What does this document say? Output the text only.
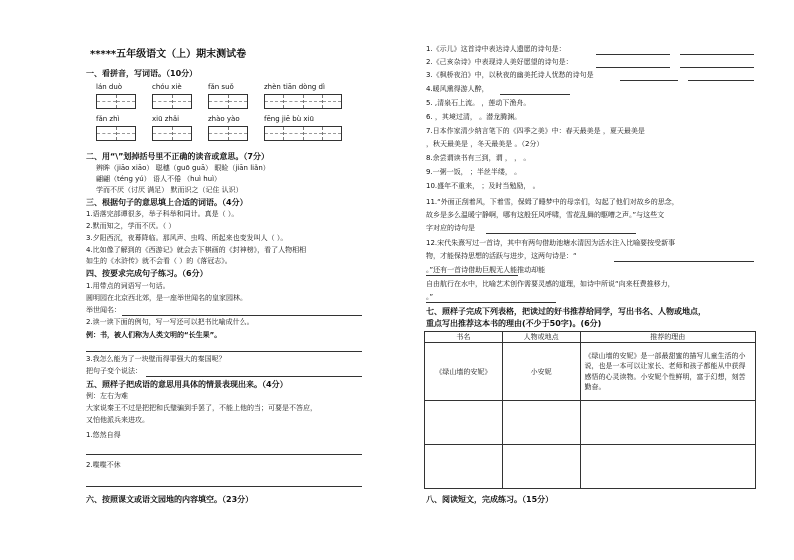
*****五年级语文（上）期末测试卷
一、看拼音，写词语。（10分）
lán duò	chóu xiè	fǎn suǒ	zhèn tiān dòng dì
fǎn zhì	xiū zhǎi	zhào yào	fēng jiē bù xiū
二、用“\”划掉括号里不正确的读音或意思。（7分）
辨眸（jiāo xiāo） 聪穗（guō guā） 眼睑（jiān liǎn）
翩翩（téng yú） 语人不倦 （huì huì）
学而不厌（讨厌 满足） 默而识之（记住 认识）
三、根据句子的意思填上合适的词语。（4分）
1.语落完部谭很多，举子科举和同计。真是（ ）。
2.默而知之，学而不厌。（ ）
3.夕阳西沉，夜幕降临。那风声、虫鸣、所起来也变发叫人（ ）。
4.比如像了解到的《西游记》就会去下棋画的《封神榜》，看了人物相相
如生的《水浒传》就不会看（ ）的《落冠志》。
四、按要求完成句子练习。（6分）
1.用带点的词语写一句话。
圆明园在北京西北郊，是一座举世闻名的皇家园林。
举世闻名：
2.读一读下面的例句，写一写还可以把书比喻成什么。
例：书，被人们称为人类文明的“长生果”。
3.我怎么能为了一块壁而得罪强大的秦国呢？
把句子变个说法：
五、照样子把成语的意思用具体的情景表现出来。（4分）
例：左右为难
大家说秦王不过是把把和氏璧骗到手罢了，不能上他的当；可要是不答应，
又怕他派兵来进攻。
1.悠然自得
2.喋喋不休
六、按照课文或语文园地的内容填空。（23分）
1.《示儿》这首诗中表达诗人遗愿的诗句是：
2.《己亥杂诗》中表现诗人美好愿望的诗句是：
3.《枫桥夜泊》中，以秋夜的幽美托诗人忧愁的诗句是
4.暖风熏得游人醉，
5. ,清泉石上流。 ，莲动下渔舟。
6. ，其境过清， 。潜龙腾渊。
7.日本作家清少纳言笔下的《四季之美》中：春天最美是 ，夏天最美是
，秋天最美是 ，冬天最美是 。（2分）
8.余尝谓读书有三到，谓 ， ， 。
9.一粥一饭， ；半丝半缕， 。
10.盛年不重来， ；及时当勉励， 。
11.“外面正刮着风，下着雪，保姆了睡梦中的母亲们，勾起了他们对故乡的思念，
故乡是多么温暖宁静啊，哪有这般狂风呼啸，雪花乱舞的駆嘈之声。”与这些文
字对应的诗句是
12.宋代朱熹写过一首诗，其中有两句借助池塘水清因为活水注入比喻要按受新事
物，才能保持思想的活跃与进步，这两句诗是：“
。”还有一首诗借助巨舰无人能推动却能
自由航行在水中，比喻艺术创作需要灵感的道理，如诗中所说“向来枉费推移力，
。”
七、照样子完成下列表格，把读过的好书推荐给同学，写出书名、人物或地点，
重点写出推荐这本书的理由(不少于50字)。(6分)
书名	人物或地点	推荐的理由
《绿山墙的安妮》	小安妮	《绿山墙的安妮》是一部最甜蜜的描写儿童生活的小说，也是一本可以让家长、老师和孩子都能从中获得感悟的心灵读物。小安妮个性鲜明，富于幻想，刻苦勤奋。

八、阅读短文，完成练习。（15分）
